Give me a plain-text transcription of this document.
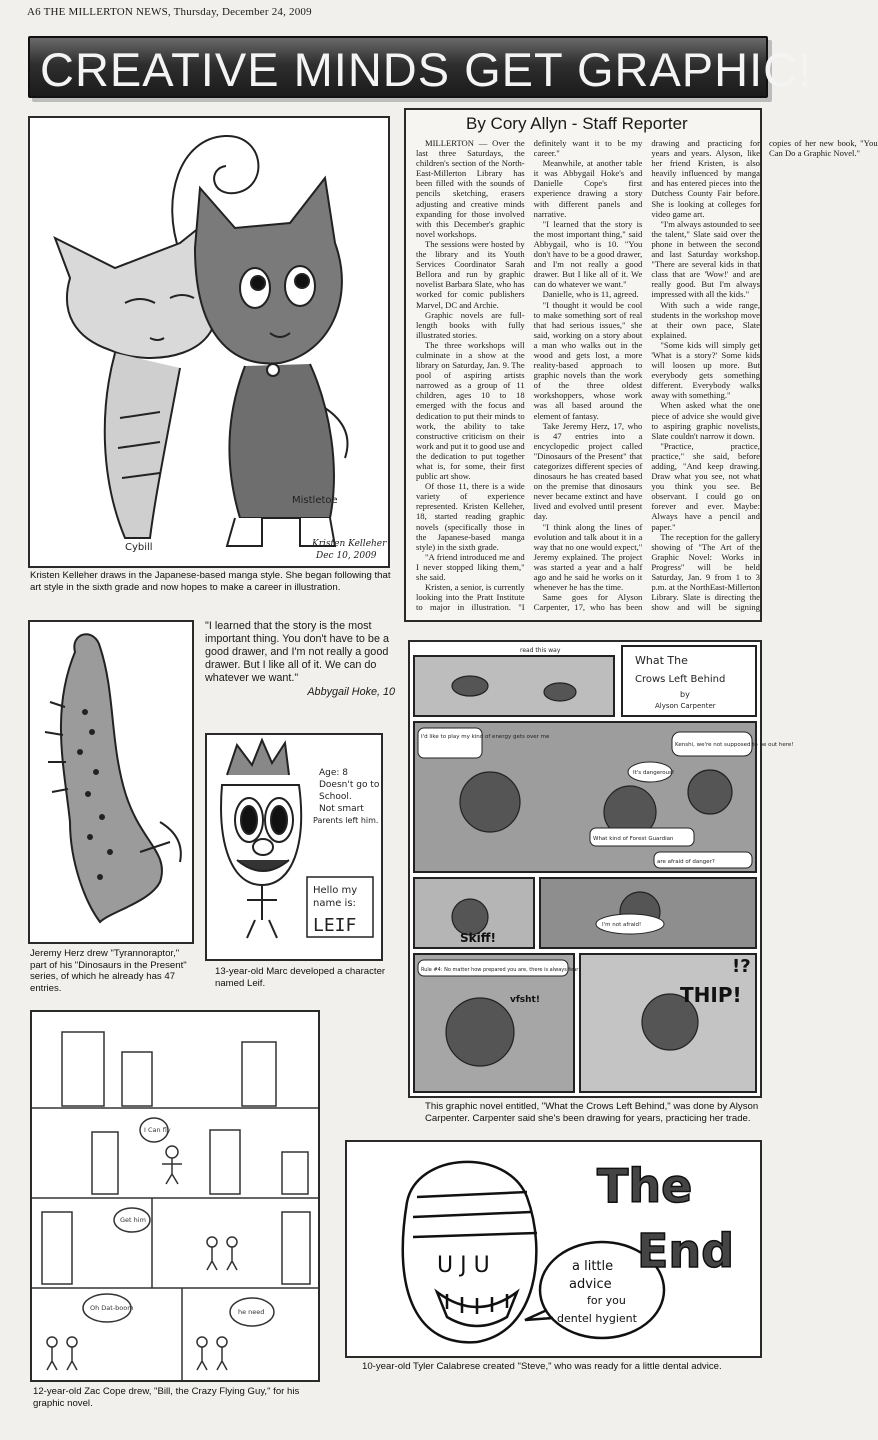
A6 THE MILLERTON NEWS, Thursday, December 24, 2009
CREATIVE MINDS GET GRAPHIC!
Cybill
Mistletoe
Kristen Kelleher
Dec 10, 2009
Kristen Kelleher draws in the Japanese-based manga style. She began following that art style in the sixth grade and now hopes to make a career in illustration.
By Cory Allyn - Staff Reporter

MILLERTON — Over the last three Saturdays, the children's section of the North-East-Millerton Library has been filled with the sounds of pencils sketching, erasers adjusting and creative minds expanding for those involved with this December's graphic novel workshops.

The sessions were hosted by the library and its Youth Services Coordinator Sarah Bellora and run by graphic novelist Barbara Slate, who has worked for comic publishers Marvel, DC and Archie.

Graphic novels are full-length books with fully illustrated stories.

The three workshops will culminate in a show at the library on Saturday, Jan. 9. The pool of aspiring artists narrowed as a group of 11 children, ages 10 to 18 emerged with the focus and dedication to put their minds to work, the ability to take constructive criticism on their work and put it to good use and the dedication to put together what is, for some, their first public art show.

Of those 11, there is a wide variety of experience represented. Kristen Kelleher, 18, started reading graphic novels (specifically those in the Japanese-based manga style) in the sixth grade.

"A friend introduced me and I never stopped liking them," she said.

Kristen, a senior, is currently looking into the Pratt Institute to major in illustration. "I definitely want it to be my career."

Meanwhile, at another table it was Abbygail Hoke's and Danielle Cope's first experience drawing a story with different panels and narrative.

"I learned that the story is the most important thing," said Abbygail, who is 10. "You don't have to be a good drawer, and I'm not really a good drawer. But I like all of it. We can do whatever we want."

Danielle, who is 11, agreed.

"I thought it would be cool to make something sort of real that had serious issues," she said, working on a story about a man who walks out in the wood and gets lost, a more reality-based approach to graphic novels than the work of the three oldest workshoppers, whose work was all based around the element of fantasy.

Take Jeremy Herz, 17, who is 47 entries into a encyclopedic project called "Dinosaurs of the Present" that categorizes different species of dinosaurs he has created based on the premise that dinosaurs never became extinct and have lived and evolved until present day.

"I think along the lines of evolution and talk about it in a way that no one would expect," Jeremy explained. The project was started a year and a half ago and he said he works on it whenever he has the time.

Same goes for Alyson Carpenter, 17, who has been drawing and practicing for years and years. Alyson, like her friend Kristen, is also heavily influenced by manga and has entered pieces into the Dutchess County Fair before. She is looking at colleges for video game art.

"I'm always astounded to see the talent," Slate said over the phone in between the second and last Saturday workshop. "There are several kids in that class that are 'Wow!' and are really good. But I'm always impressed with all the kids."

With such a wide range, students in the workshop move at their own pace, Slate explained.

"Some kids will simply get 'What is a story?' Some kids will loosen up more. But everybody gets something different. Everybody walks away with something."

When asked what the one piece of advice she would give to aspiring graphic novelists, Slate couldn't narrow it down.

"Practice, practice, practice," she said, before adding, "And keep drawing. Draw what you see, not what you think you see. Be observant. I could go on forever and ever. Maybe: Always have a pencil and paper."

The reception for the gallery showing of "The Art of the Graphic Novel: Works in Progress" will be held Saturday, Jan. 9 from 1 to 3 p.m. at the NorthEast-Millerton Library. Slate is directing the show and will be signing copies of her new book, "You Can Do a Graphic Novel."

Jeremy Herz drew "Tyrannoraptor," part of his "Dinosaurs in the Present" series, of which he already has 47 entries.
"I learned that the story is the most important thing. You don't have to be a good drawer, and I'm not really a good drawer. But I like all of it. We can do whatever we want."
Abbygail Hoke, 10
Age: 8
Doesn't go to
School.
Not smart
Parents left him.
Hello my
name is:
LEIF
13-year-old Marc developed a character named Leif.
What The
Crows Left Behind
by
Alyson Carpenter
read this way
I'd like to play my kind of energy gets over me
Kenshi, we're not supposed to be out here!
It's dangerous!
What kind of Forest Guardian
are afraid of danger?
I'm not afraid!
Rule #4: No matter how prepared you are, there is always fear
Skiff!
THIP!
!?
vfsht!
This graphic novel entitled, "What the Crows Left Behind," was done by Alyson Carpenter. Carpenter said she's been drawing for years, practicing her trade.
I Can fly
Get him
Oh Dat-boom	he need
12-year-old Zac Cope drew, "Bill, the Crazy Flying Guy," for his graphic novel.
U J U
The
End
a little
advice
for you
dentel hygient
10-year-old Tyler Calabrese created "Steve," who was ready for a little dental advice.
